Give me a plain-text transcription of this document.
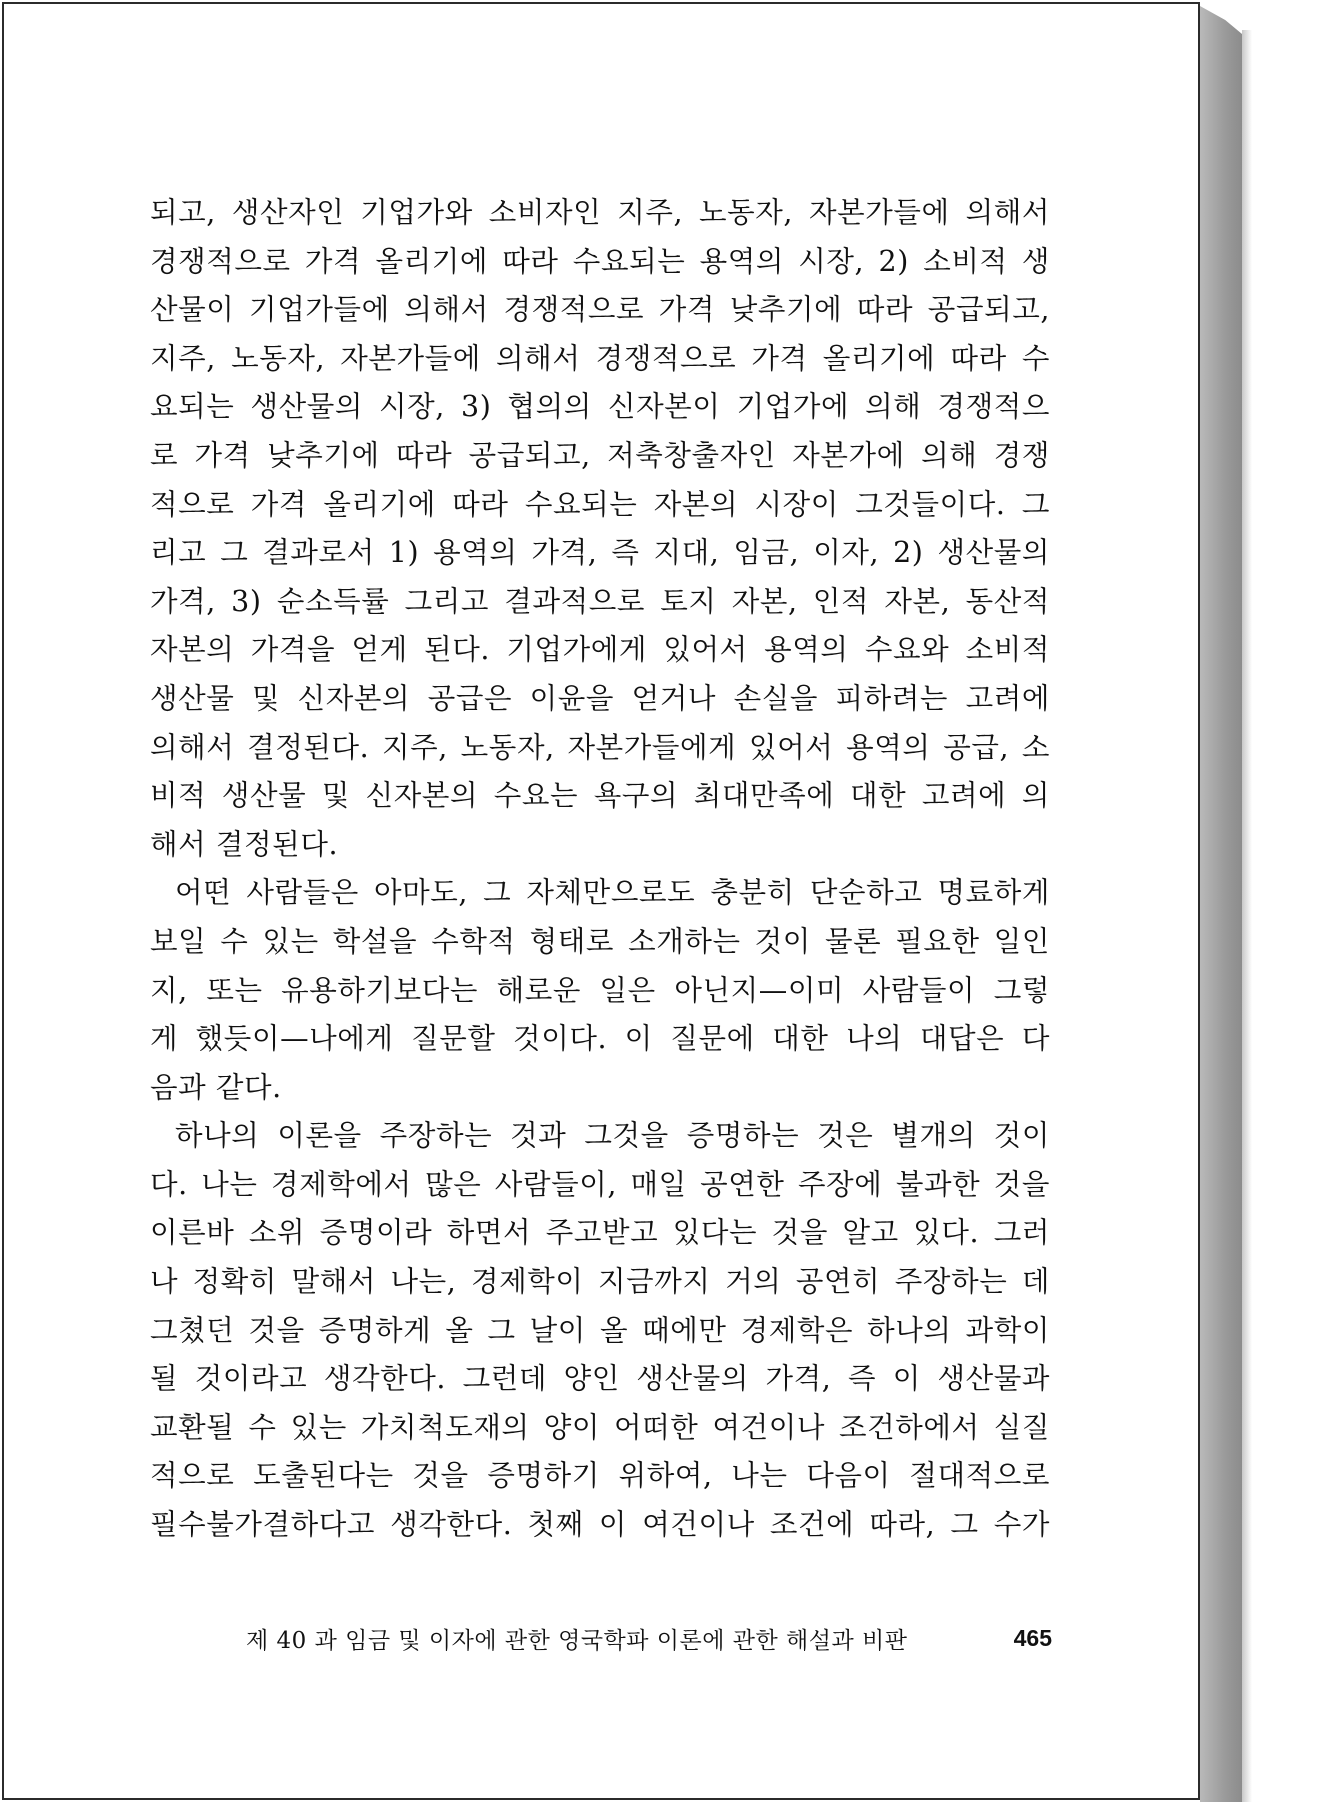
되고, 생산자인 기업가와 소비자인 지주, 노동자, 자본가들에 의해서
경쟁적으로 가격 올리기에 따라 수요되는 용역의 시장, 2) 소비적 생
산물이 기업가들에 의해서 경쟁적으로 가격 낮추기에 따라 공급되고,
지주, 노동자, 자본가들에 의해서 경쟁적으로 가격 올리기에 따라 수
요되는 생산물의 시장, 3) 협의의 신자본이 기업가에 의해 경쟁적으
로 가격 낮추기에 따라 공급되고, 저축창출자인 자본가에 의해 경쟁
적으로 가격 올리기에 따라 수요되는 자본의 시장이 그것들이다. 그
리고 그 결과로서 1) 용역의 가격, 즉 지대, 임금, 이자, 2) 생산물의
가격, 3) 순소득률 그리고 결과적으로 토지 자본, 인적 자본, 동산적
자본의 가격을 얻게 된다. 기업가에게 있어서 용역의 수요와 소비적
생산물 및 신자본의 공급은 이윤을 얻거나 손실을 피하려는 고려에
의해서 결정된다. 지주, 노동자, 자본가들에게 있어서 용역의 공급, 소
비적 생산물 및 신자본의 수요는 욕구의 최대만족에 대한 고려에 의
해서 결정된다.
어떤 사람들은 아마도, 그 자체만으로도 충분히 단순하고 명료하게
보일 수 있는 학설을 수학적 형태로 소개하는 것이 물론 필요한 일인
지, 또는 유용하기보다는 해로운 일은 아닌지—이미 사람들이 그렇
게 했듯이—나에게 질문할 것이다. 이 질문에 대한 나의 대답은 다
음과 같다.
하나의 이론을 주장하는 것과 그것을 증명하는 것은 별개의 것이
다. 나는 경제학에서 많은 사람들이, 매일 공연한 주장에 불과한 것을
이른바 소위 증명이라 하면서 주고받고 있다는 것을 알고 있다. 그러
나 정확히 말해서 나는, 경제학이 지금까지 거의 공연히 주장하는 데
그쳤던 것을 증명하게 올 그 날이 올 때에만 경제학은 하나의 과학이
될 것이라고 생각한다. 그런데 양인 생산물의 가격, 즉 이 생산물과
교환될 수 있는 가치척도재의 양이 어떠한 여건이나 조건하에서 실질
적으로 도출된다는 것을 증명하기 위하여, 나는 다음이 절대적으로
필수불가결하다고 생각한다. 첫째 이 여건이나 조건에 따라, 그 수가
제 40 과 임금 및 이자에 관한 영국학파 이론에 관한 해설과 비판	465
